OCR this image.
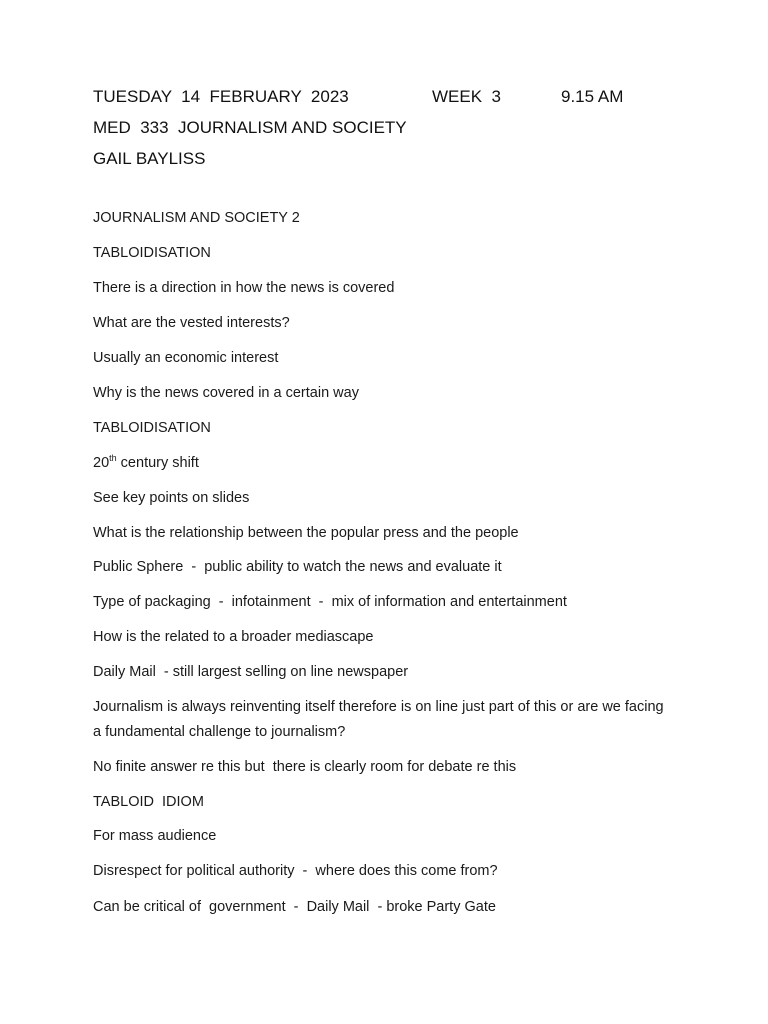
TUESDAY  14  FEBRUARY  2023	WEEK  3	9.15 AM
MED  333  JOURNALISM AND SOCIETY
GAIL BAYLISS
JOURNALISM AND SOCIETY 2
TABLOIDISATION
There is a direction in how the news is covered
What are the vested interests?
Usually an economic interest
Why is the news covered in a certain way
TABLOIDISATION
20th century shift
See key points on slides
What is the relationship between the popular press and the people
Public Sphere  -  public ability to watch the news and evaluate it
Type of packaging  -  infotainment  -  mix of information and entertainment
How is the related to a broader mediascape
Daily Mail  - still largest selling on line newspaper
Journalism is always reinventing itself therefore is on line just part of this or are we facing a fundamental challenge to journalism?
No finite answer re this but  there is clearly room for debate re this
TABLOID  IDIOM
For mass audience
Disrespect for political authority  -  where does this come from?
Can be critical of  government  -  Daily Mail  - broke Party Gate
